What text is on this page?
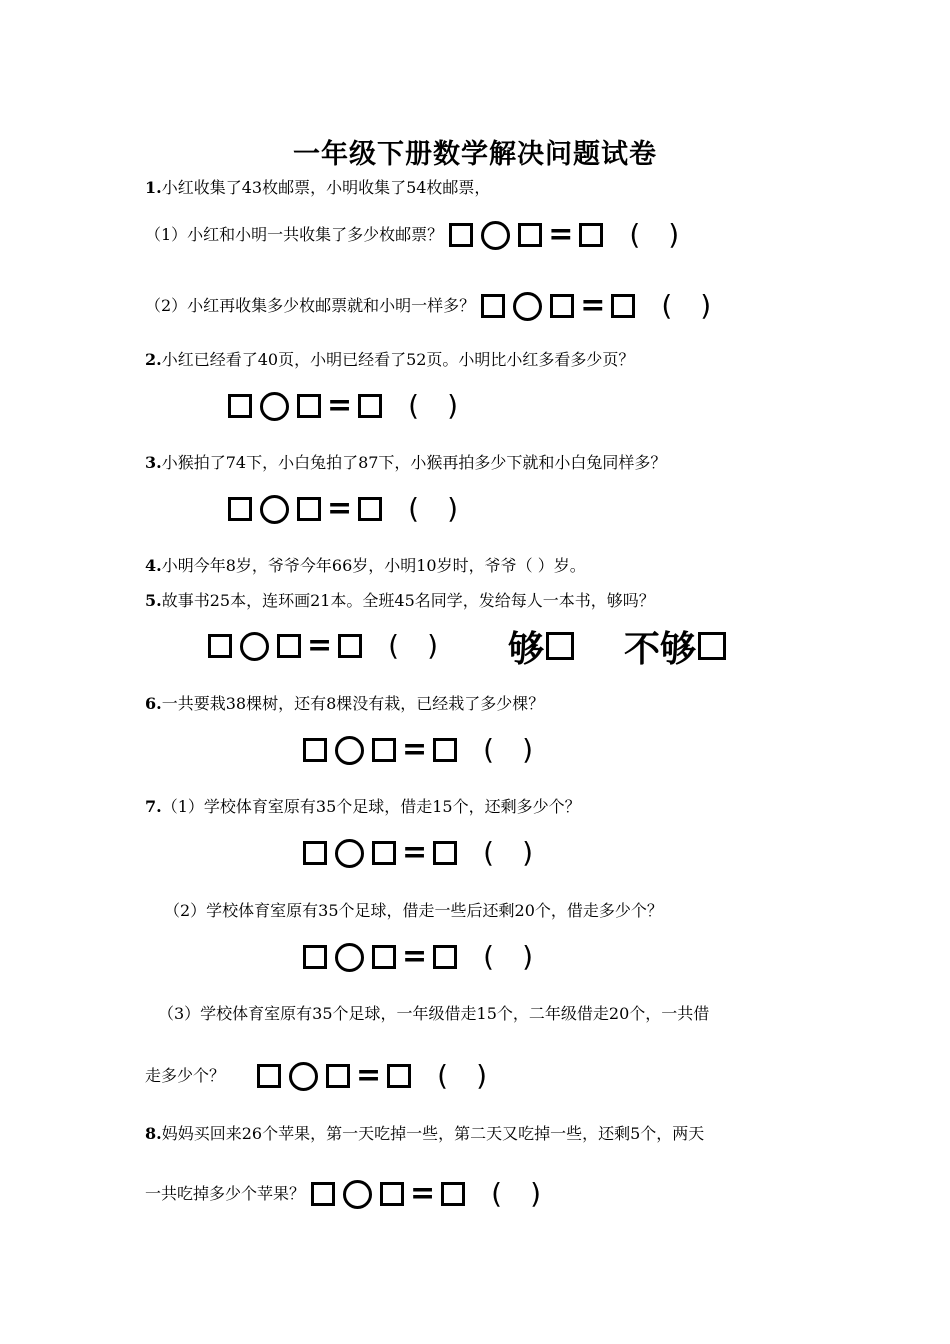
一年级下册数学解决问题试卷
1.小红收集了43枚邮票，小明收集了54枚邮票，
（1）小红和小明一共收集了多少枚邮票？	= ()
（2）小红再收集多少枚邮票就和小明一样多？	= ()
2.小红已经看了40页，小明已经看了52页。小明比小红多看多少页？
= ()
3.小猴拍了74下，小白兔拍了87下，小猴再拍多少下就和小白兔同样多？
= ()
4.小明今年8岁，爷爷今年66岁，小明10岁时，爷爷（ ）岁。
5.故事书25本，连环画21本。全班45名同学，发给每人一本书，够吗？
= () 够 不够
6.一共要栽38棵树，还有8棵没有栽，已经栽了多少棵？
= ()
7.（1）学校体育室原有35个足球，借走15个，还剩多少个？
= ()
（2）学校体育室原有35个足球，借走一些后还剩20个，借走多少个？
= ()
（3）学校体育室原有35个足球，一年级借走15个，二年级借走20个，一共借
走多少个？	= ()
8.妈妈买回来26个苹果，第一天吃掉一些，第二天又吃掉一些，还剩5个，两天
一共吃掉多少个苹果？	= ()
